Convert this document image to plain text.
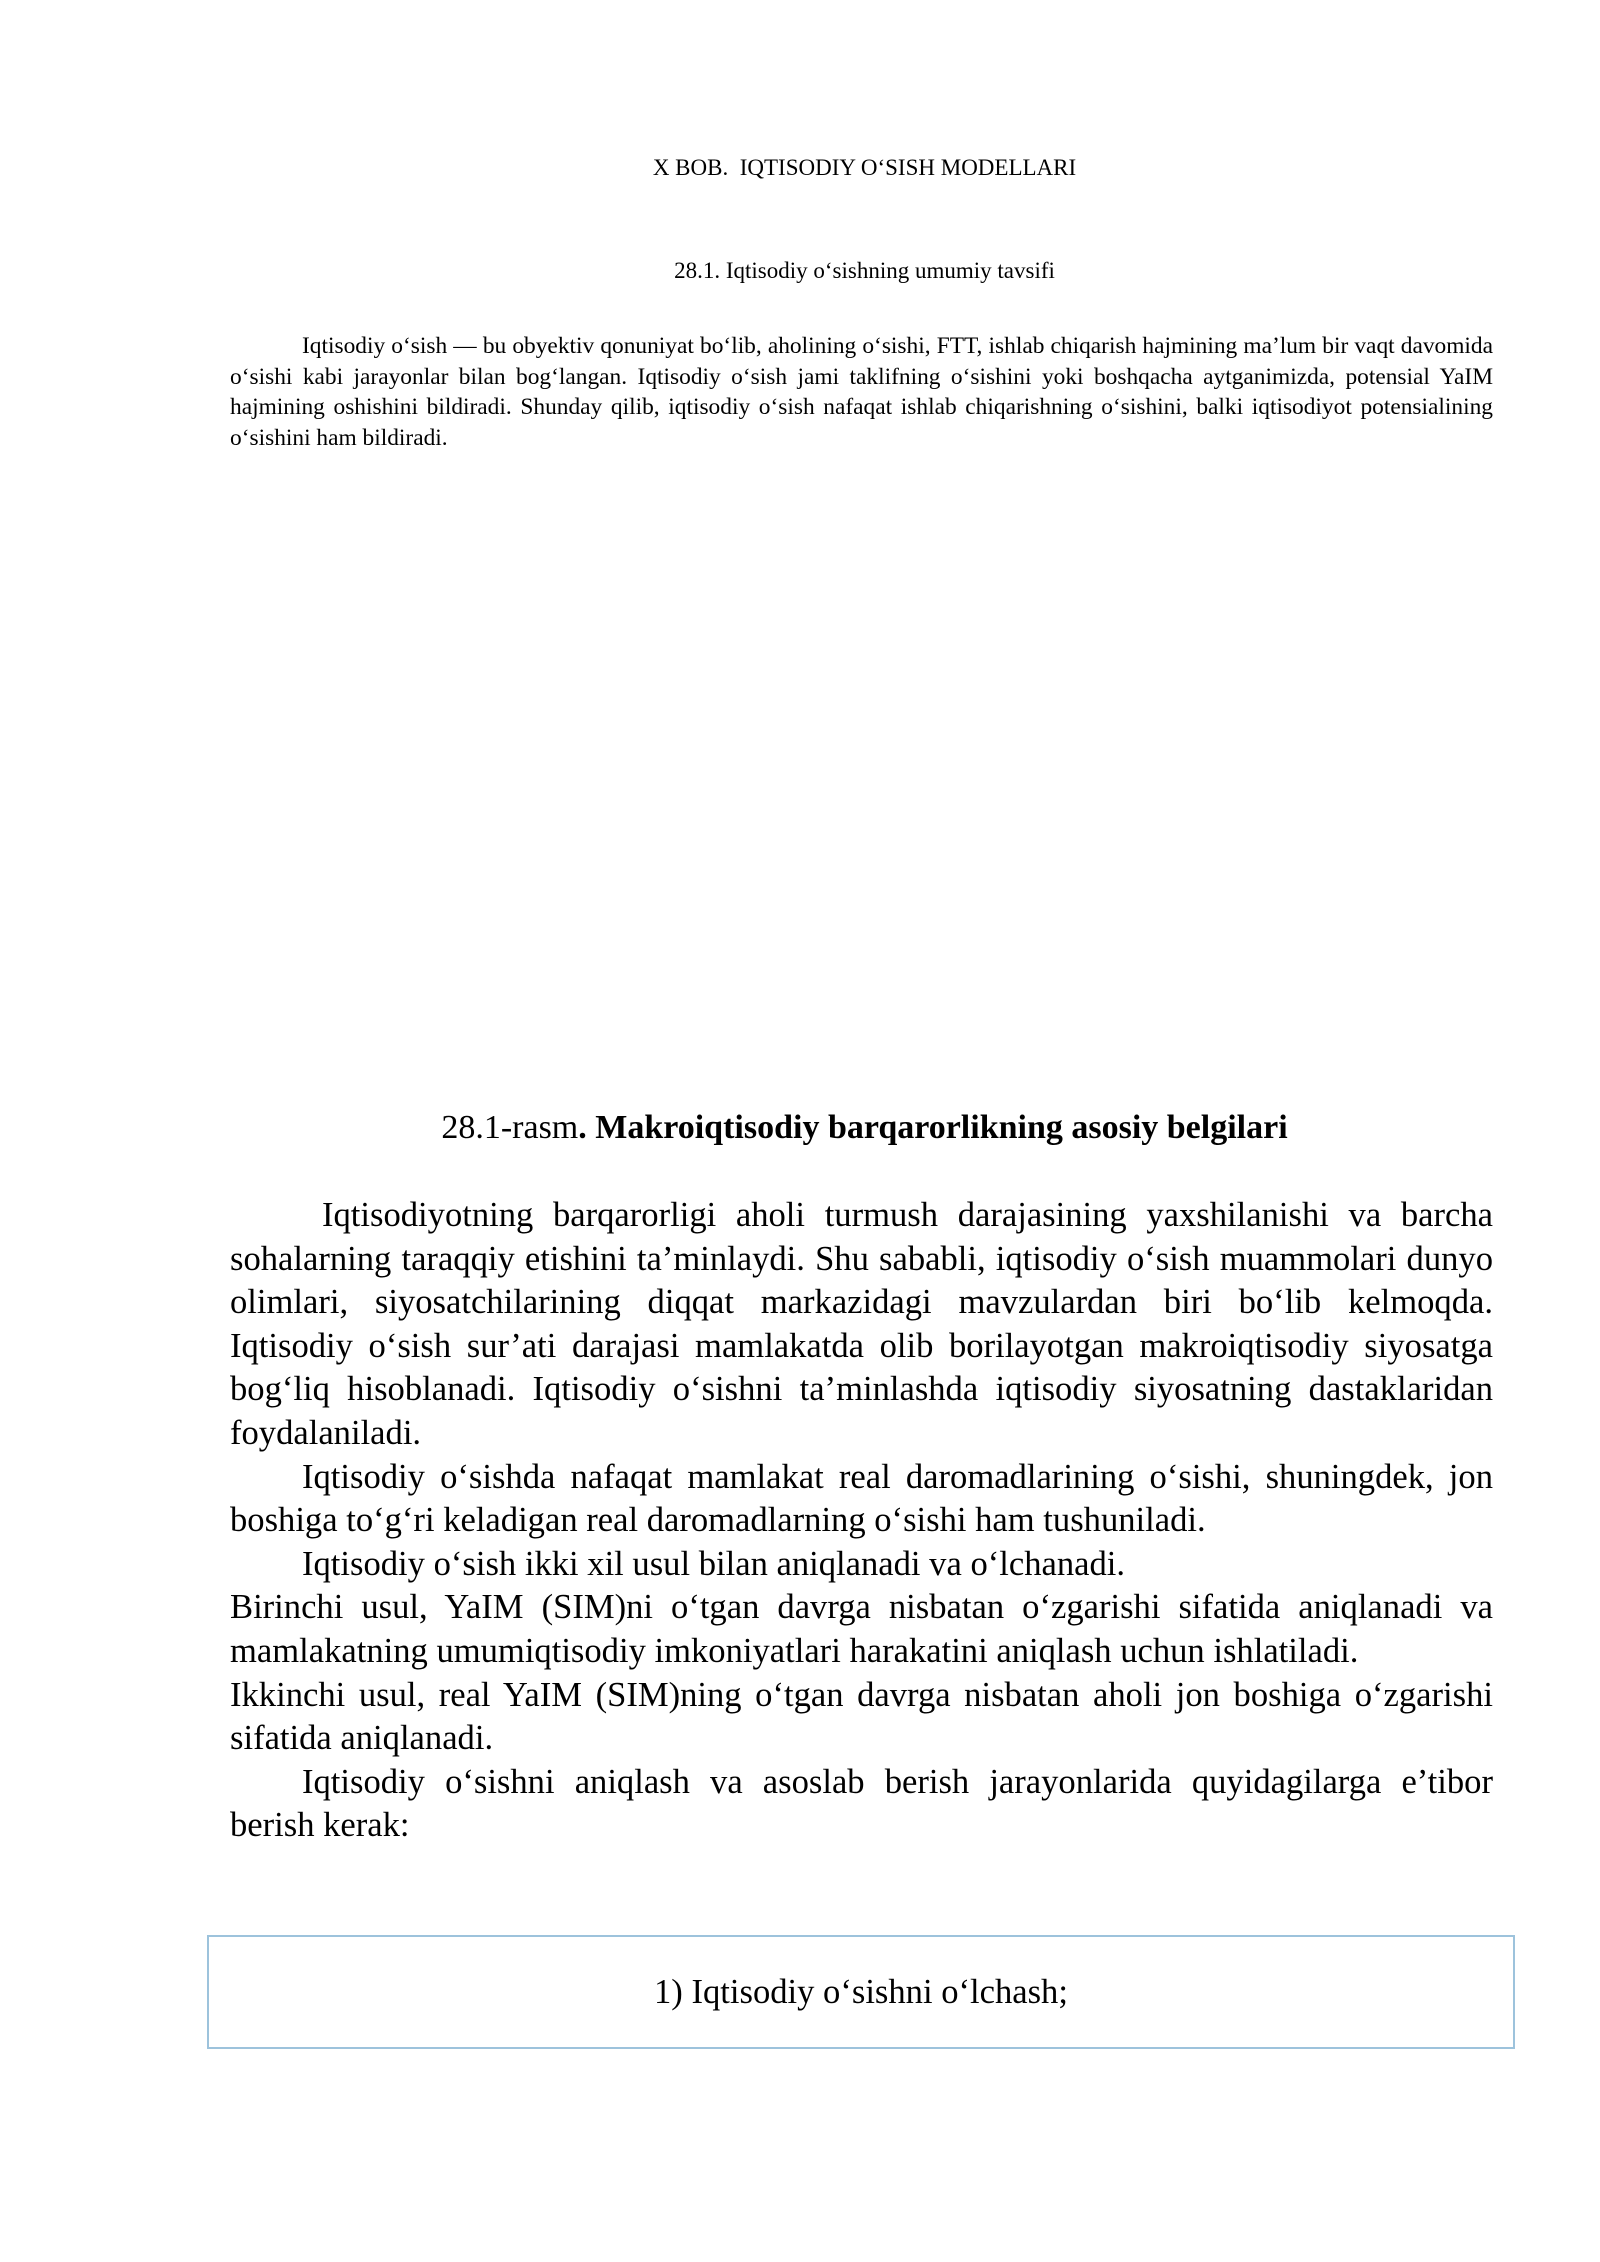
X BOB.  IQTISODIY O‘SISH MODELLARI
28.1. Iqtisodiy o‘sishning umumiy tavsifi

Iqtisodiy o‘sish — bu obyektiv qonuniyat bo‘lib, aholining o‘sishi, FTT, ishlab chiqarish hajmining ma’lum bir vaqt davomida o‘sishi kabi jarayonlar bilan bog‘langan. Iqtisodiy o‘sish jami taklifning o‘sishini yoki boshqacha aytganimizda, potensial YaIM hajmining oshishini bildiradi. Shunday qilib, iqtisodiy o‘sish nafaqat ishlab chiqarishning o‘sishini, balki iqtisodiyot potensialining o‘sishini ham bildiradi.

28.1-rasm. Makroiqtisodiy barqarorlikning asosiy belgilari

Iqtisodiyotning barqarorligi aholi turmush darajasining yaxshilanishi va barcha sohalarning taraqqiy etishini ta’minlaydi. Shu sababli, iqtisodiy o‘sish muammolari dunyo olimlari, siyosatchilarining diqqat markazidagi mavzulardan biri bo‘lib kelmoqda. Iqtisodiy o‘sish sur’ati darajasi mamlakatda olib borilayotgan makroiqtisodiy siyosatga bog‘liq hisoblanadi. Iqtisodiy o‘sishni ta’minlashda iqtisodiy siyosatning dastaklaridan foydalaniladi.

Iqtisodiy o‘sishda nafaqat mamlakat real daromadlarining o‘sishi, shuningdek, jon boshiga to‘g‘ri keladigan real daromadlarning o‘sishi ham tushuniladi.

Iqtisodiy o‘sish ikki xil usul bilan aniqlanadi va o‘lchanadi.

Birinchi usul, YaIM (SIM)ni o‘tgan davrga nisbatan o‘zgarishi sifatida aniqlanadi va mamlakatning umumiqtisodiy imkoniyatlari harakatini aniqlash uchun ishlatiladi.

Ikkinchi usul, real YaIM (SIM)ning o‘tgan davrga nisbatan aholi jon boshiga o‘zgarishi sifatida aniqlanadi.

Iqtisodiy o‘sishni aniqlash va asoslab berish jarayonlarida quyidagilarga e’tibor berish kerak:

1) Iqtisodiy o‘sishni o‘lchash;
